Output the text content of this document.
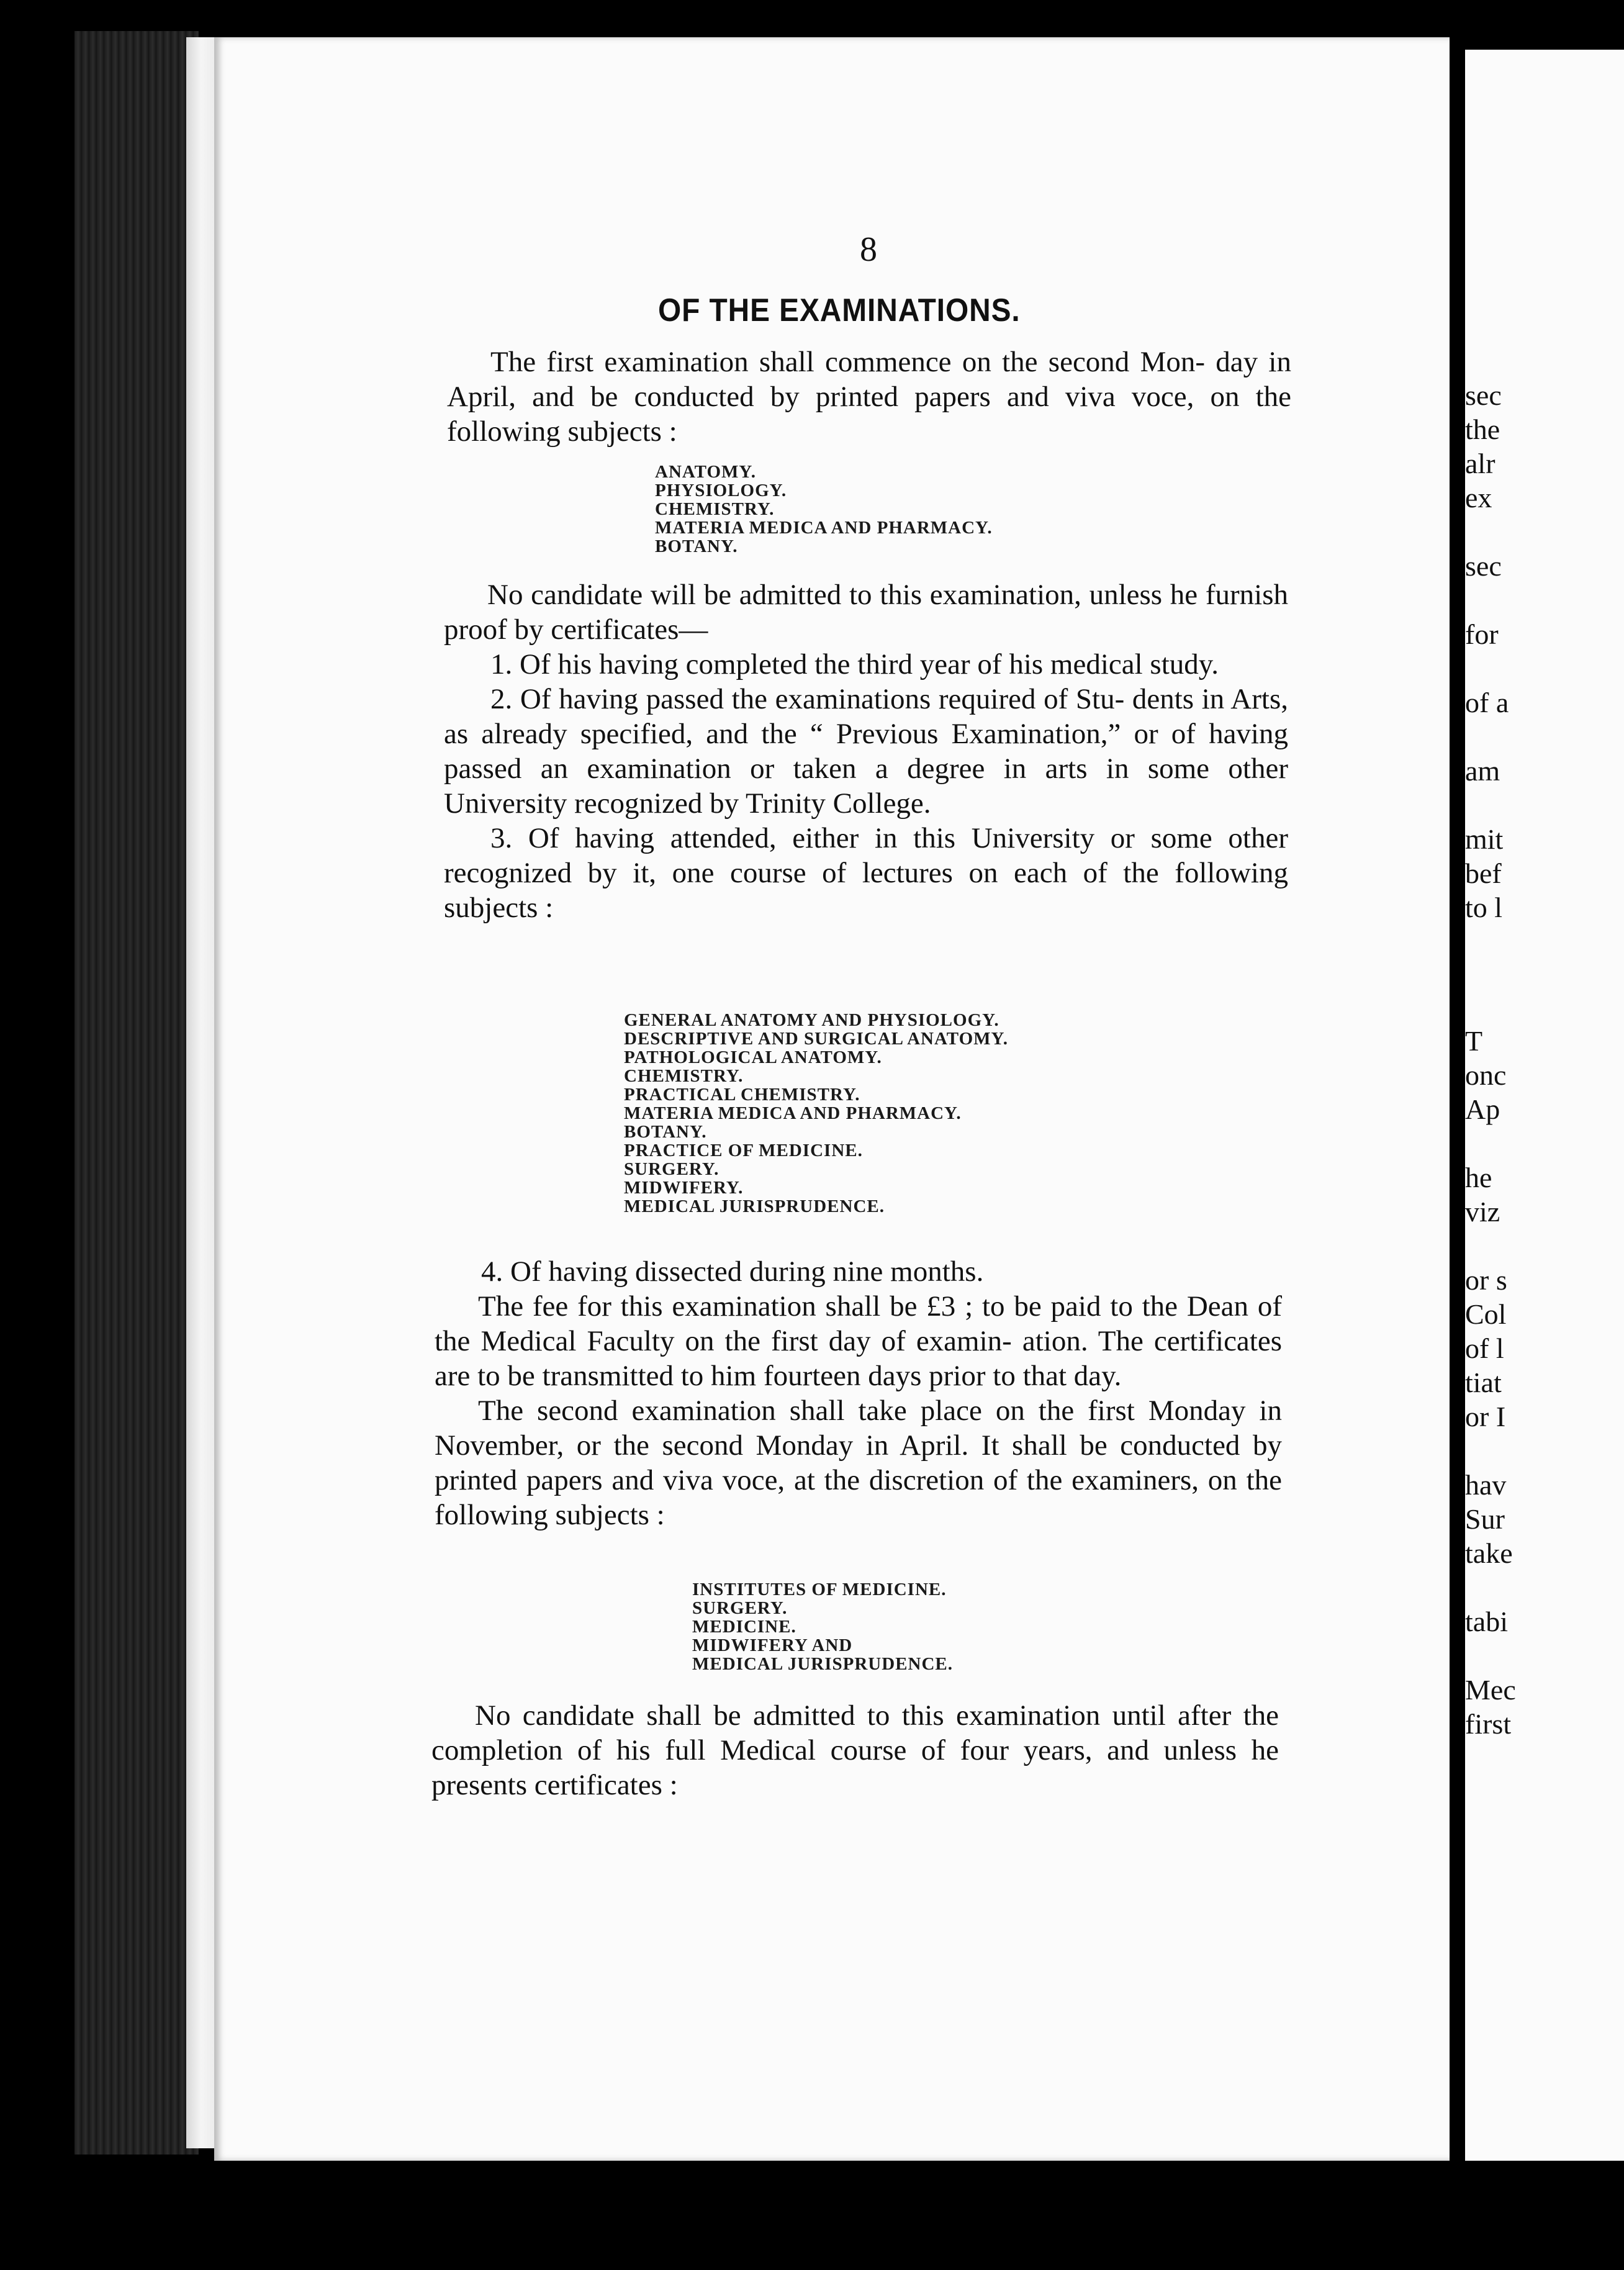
8
OF THE EXAMINATIONS.

The first examination shall commence on the second Mon- day in April, and be conducted by printed papers and viva voce, on the following subjects :

ANATOMY.
PHYSIOLOGY.
CHEMISTRY.
MATERIA MEDICA AND PHARMACY.
BOTANY.

No candidate will be admitted to this examination, unless he furnish proof by certificates—

1. Of his having completed the third year of his medical study.

2. Of having passed the examinations required of Stu- dents in Arts, as already specified, and the “ Previous Examination,” or of having passed an examination or taken a degree in arts in some other University recognized by Trinity College.

3. Of having attended, either in this University or some other recognized by it, one course of lectures on each of the following subjects :

GENERAL ANATOMY AND PHYSIOLOGY.
DESCRIPTIVE AND SURGICAL ANATOMY.
PATHOLOGICAL ANATOMY.
CHEMISTRY.
PRACTICAL CHEMISTRY.
MATERIA MEDICA AND PHARMACY.
BOTANY.
PRACTICE OF MEDICINE.
SURGERY.
MIDWIFERY.
MEDICAL JURISPRUDENCE.

4. Of having dissected during nine months.

The fee for this examination shall be £3 ; to be paid to the Dean of the Medical Faculty on the first day of examin- ation. The certificates are to be transmitted to him fourteen days prior to that day.

The second examination shall take place on the first Monday in November, or the second Monday in April. It shall be conducted by printed papers and viva voce, at the discretion of the examiners, on the following subjects :

INSTITUTES OF MEDICINE.
SURGERY.
MEDICINE.
MIDWIFERY AND
MEDICAL JURISPRUDENCE.

No candidate shall be admitted to this examination until after the completion of his full Medical course of four years, and unless he presents certificates :

sec
the
alr
ex
sec
for
of a
am
mit
bef
to l
T
onc
Ap
he
viz
or s
Col
of l
tiat
or I
hav
Sur
take
tabi
Mec
first
